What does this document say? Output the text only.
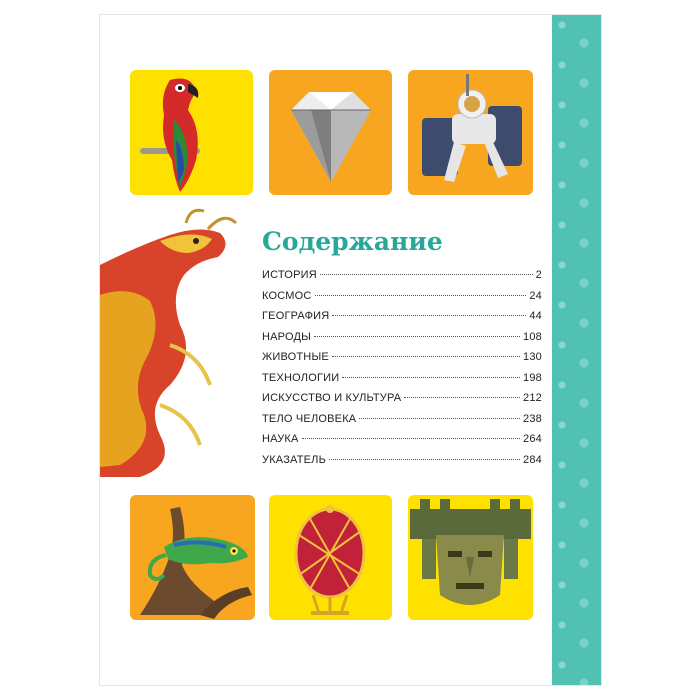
Содержание
ИСТОРИЯ	2
КОСМОС	24
ГЕОГРАФИЯ	44
НАРОДЫ	108
ЖИВОТНЫЕ	130
ТЕХНОЛОГИИ	198
ИСКУССТВО И КУЛЬТУРА	212
ТЕЛО ЧЕЛОВЕКА	238
НАУКА	264
УКАЗАТЕЛЬ	284
